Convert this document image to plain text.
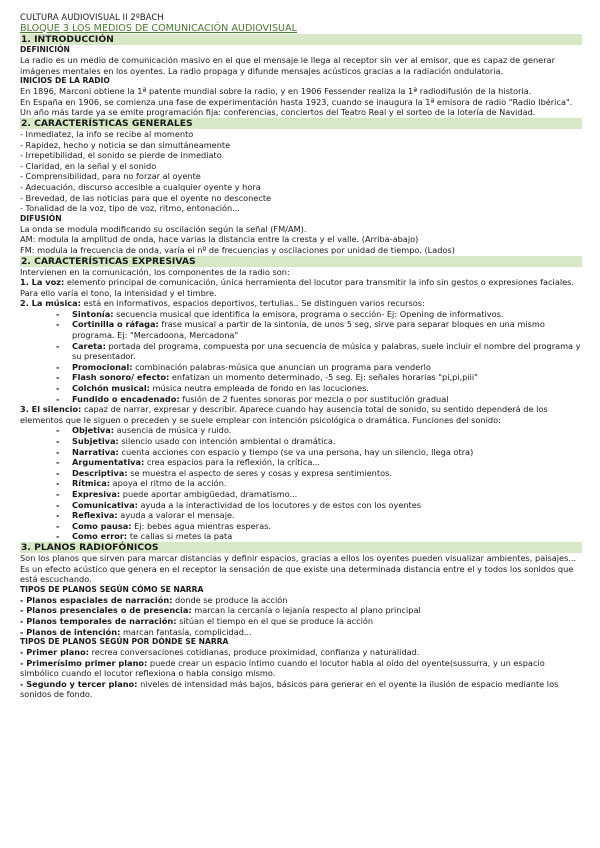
CULTURA AUDIOVISUAL II 2ºBACH
BLOQUE 3 LOS MEDIOS DE COMUNICACIÓN AUDIOVISUAL
1. INTRODUCCIÓN
DEFINICIÓN
La radio es un medio de comunicación masivo en el que el mensaje le llega al receptor sin ver al emisor, que es capaz de generar imágenes mentales en los oyentes. La radio propaga y difunde mensajes acústicos gracias a la radiación ondulatoria.
INICIOS DE LA RADIO
En 1896, Marconi obtiene la 1ª patente mundial sobre la radio, y en 1906 Fessender realiza la 1ª radiodifusión de la historia.
En España en 1906, se comienza una fase de experimentación hasta 1923, cuando se inaugura la 1ª emisora de radio "Radio Ibérica". Un año más tarde ya se emite programación fija: conferencias, conciertos del Teatro Real y el sorteo de la lotería de Navidad.
2. CARACTERÍSTICAS GENERALES
- Inmediatez, la info se recibe al momento
- Rapidez, hecho y noticia se dan simultáneamente
- Irrepetibilidad, el sonido se pierde de inmediato
- Claridad, en la señal y el sonido
- Comprensibilidad, para no forzar al oyente
- Adecuación, discurso accesible a cualquier oyente y hora
- Brevedad, de las noticias para que el oyente no desconecte
- Tonalidad de la voz, tipo de voz, ritmo, entonación...
DIFUSIÓN
La onda se modula modificando su oscilación según la señal (FM/AM).
AM: modula la amplitud de onda, hace varias la distancia entre la cresta y el valle. (Arriba-abajo)
FM: modula la frecuencia de onda, varía el nº de frecuencias y oscilaciones por unidad de tiempo. (Lados)
2. CARACTERÍSTICAS EXPRESIVAS
Intervienen en la comunicación, los componentes de la radio son:
1. La voz: elemento principal de comunicación, única herramienta del locutor para transmitir la info sin gestos o expresiones faciales. Para ello varía el tono, la intensidad y el timbre.
2. La música: está en informativos, espacios deportivos, tertulias.. Se distinguen varios recursos:
- Sintonía: secuencia musical que identifica la emisora, programa o sección- Ej: Opening de informativos.
- Cortinilla o ráfaga: frase musical a partir de la sintonía, de unos 5 seg, sirve para separar bloques en una mismo programa. Ej: "Mercadoona, Mercadona"
- Careta: portada del programa, compuesta por una secuencia de música y palabras, suele incluir el nombre del programa y su presentador.
- Promocional: combinación palabras-música que anuncian un programa para venderlo
- Flash sonoro/ efecto: enfatizan un momento determinado, -5 seg. Ej: señales horarias "pi,pi,piii"
- Colchón musical: música neutra empleada de fondo en las locuciones.
- Fundido o encadenado: fusión de 2 fuentes sonoras por mezcla o por sustitución gradual
3. El silencio: capaz de narrar, expresar y describir. Aparece cuando hay ausencia total de sonido, su sentido dependerá de los elementos que le siguen o preceden y se suele emplear con intención psicológica o dramática. Funciones del sonido:
- Objetiva: ausencia de música y ruido.
- Subjetiva: silencio usado con intención ambiental o dramática.
- Narrativa: cuenta acciones con espacio y tiempo (se va una persona, hay un silencio, llega otra)
- Argumentativa: crea espacios para la reflexión, la crítica...
- Descriptiva: se muestra el aspecto de seres y cosas y expresa sentimientos.
- Rítmica: apoya el ritmo de la acción.
- Expresiva: puede aportar ambigüedad, dramatismo...
- Comunicativa: ayuda a la interactividad de los locutores y de estos con los oyentes
- Reflexiva: ayuda a valorar el mensaje.
- Como pausa: Ej: bebes agua mientras esperas.
- Como error: te callas si metes la pata
3. PLANOS RADIOFÓNICOS
Son los planos que sirven para marcar distancias y definir espacios, gracias a ellos los oyentes pueden visualizar ambientes, paisajes... Es un efecto acústico que genera en el receptor la sensación de que existe una determinada distancia entre el y todos los sonidos que está escuchando.
TIPOS DE PLANOS SEGÚN CÓMO SE NARRA
- Planos espaciales de narración: donde se produce la acción
- Planos presenciales o de presencia: marcan la cercanía o lejanía respecto al plano principal
- Planos temporales de narración: sitúan el tiempo en el que se produce la acción
- Planos de intención: marcan fantasía, complicidad...
TIPOS DE PLANOS SEGÚN POR DÓNDE SE NARRA
- Primer plano: recrea conversaciones cotidianas, produce proximidad, confianza y naturalidad.
- Primerísimo primer plano: puede crear un espacio íntimo cuando el locutor habla al oído del oyente(sussurra, y un espacio simbólico cuando el locutor reflexiona o habla consigo mismo.
- Segundo y tercer plano: niveles de intensidad más bajos, básicos para generar en el oyente la ilusión de espacio mediante los sonidos de fondo.
